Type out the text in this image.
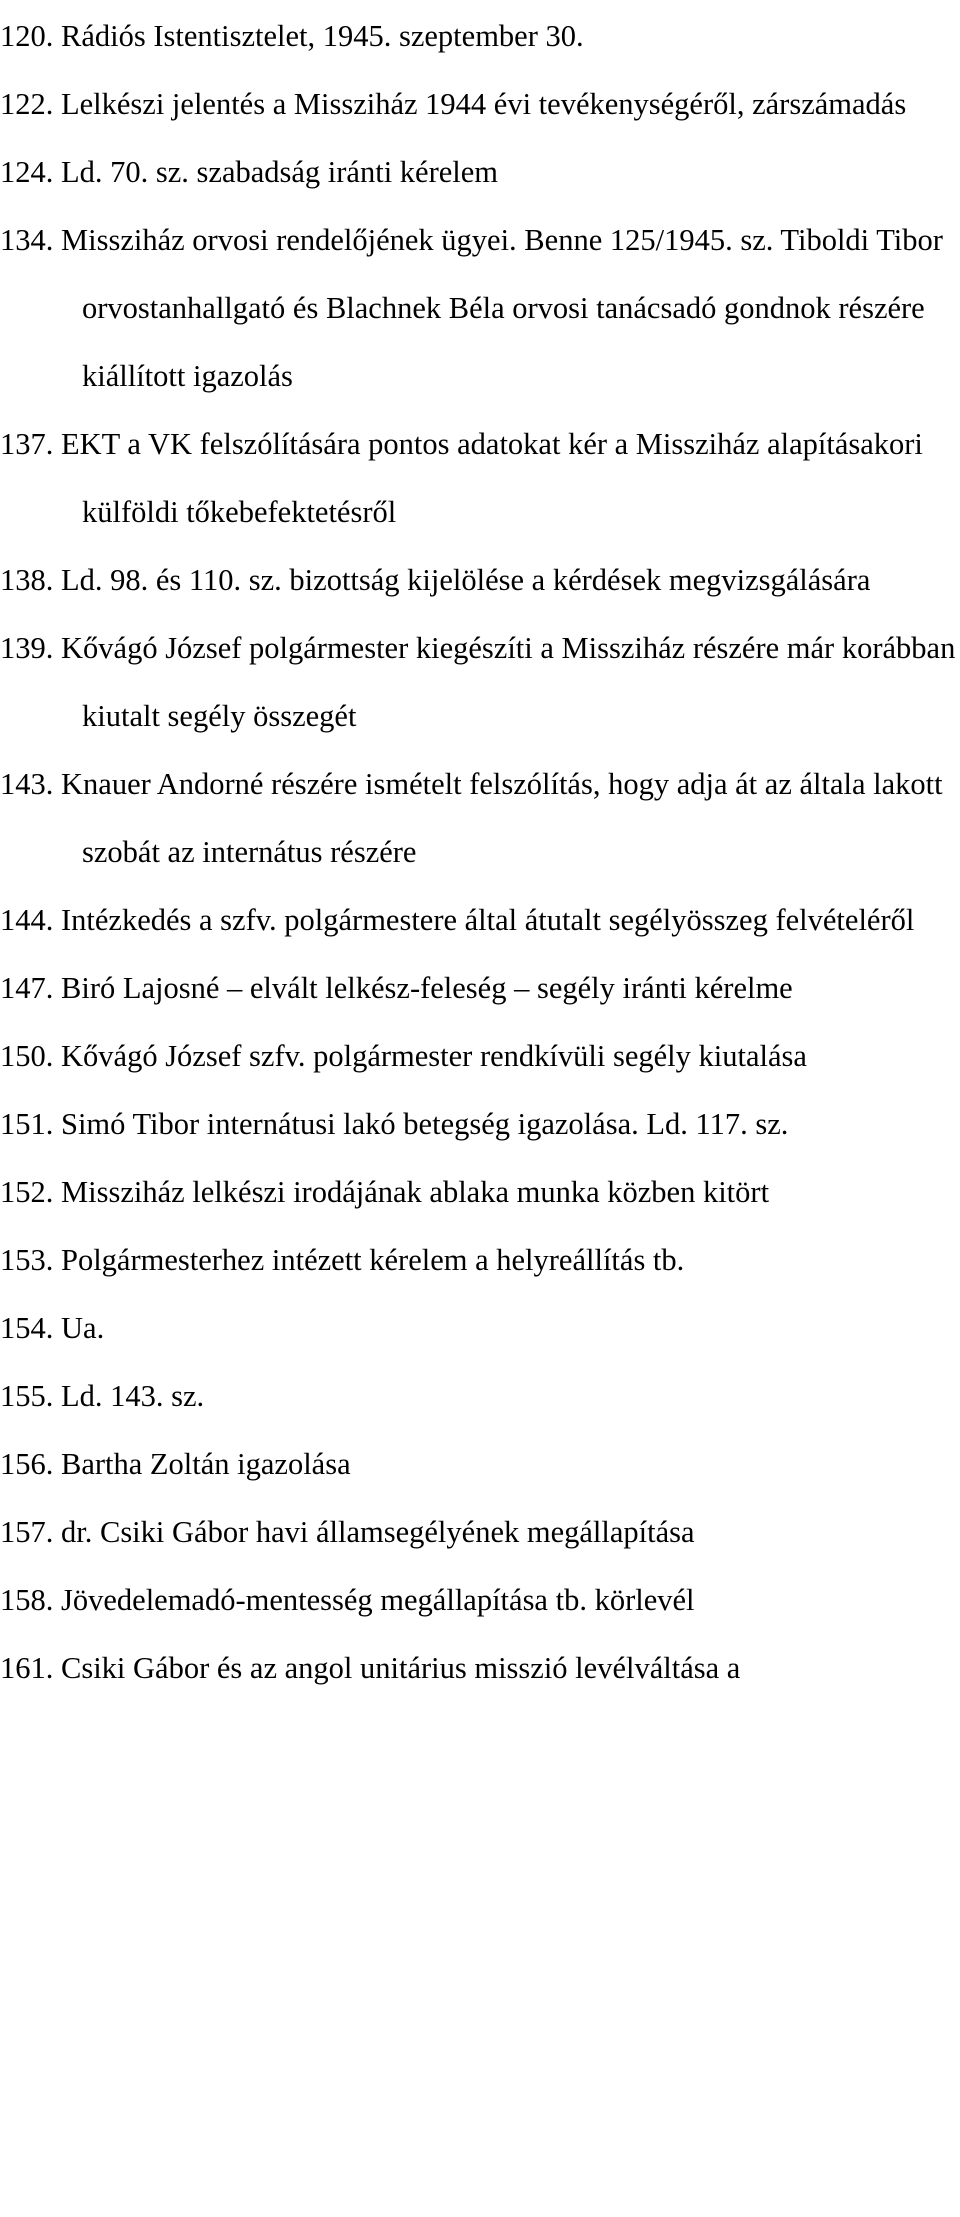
120. Rádiós Istentisztelet, 1945. szeptember 30.
122. Lelkészi jelentés a Missziház 1944 évi tevékenységéről, zárszámadás
124. Ld. 70. sz. szabadság iránti kérelem
134. Missziház orvosi rendelőjének ügyei. Benne 125/1945. sz. Tiboldi Tibor orvostanhallgató és Blachnek Béla orvosi tanácsadó gondnok részére kiállított igazolás
137. EKT a VK felszólítására pontos adatokat kér a Missziház alapításakori külföldi tőkebefektetésről
138. Ld. 98. és 110. sz. bizottság kijelölése a kérdések megvizsgálására
139. Kővágó József polgármester kiegészíti a Missziház részére már korábban kiutalt segély összegét
143. Knauer Andorné részére ismételt felszólítás, hogy adja át az általa lakott szobát az internátus részére
144. Intézkedés a szfv. polgármestere által átutalt segélyösszeg felvételéről
147. Biró Lajosné – elvált lelkész-feleség – segély iránti kérelme
150. Kővágó József szfv. polgármester rendkívüli segély kiutalása
151. Simó Tibor internátusi lakó betegség igazolása. Ld. 117. sz.
152. Missziház lelkészi irodájának ablaka munka közben kitört
153. Polgármesterhez intézett kérelem a helyreállítás tb.
154. Ua.
155. Ld. 143. sz.
156. Bartha Zoltán igazolása
157. dr. Csiki Gábor havi államsegélyének megállapítása
158. Jövedelemadó-mentesség megállapítása tb. körlevél
161. Csiki Gábor és az angol unitárius misszió levélváltása a
